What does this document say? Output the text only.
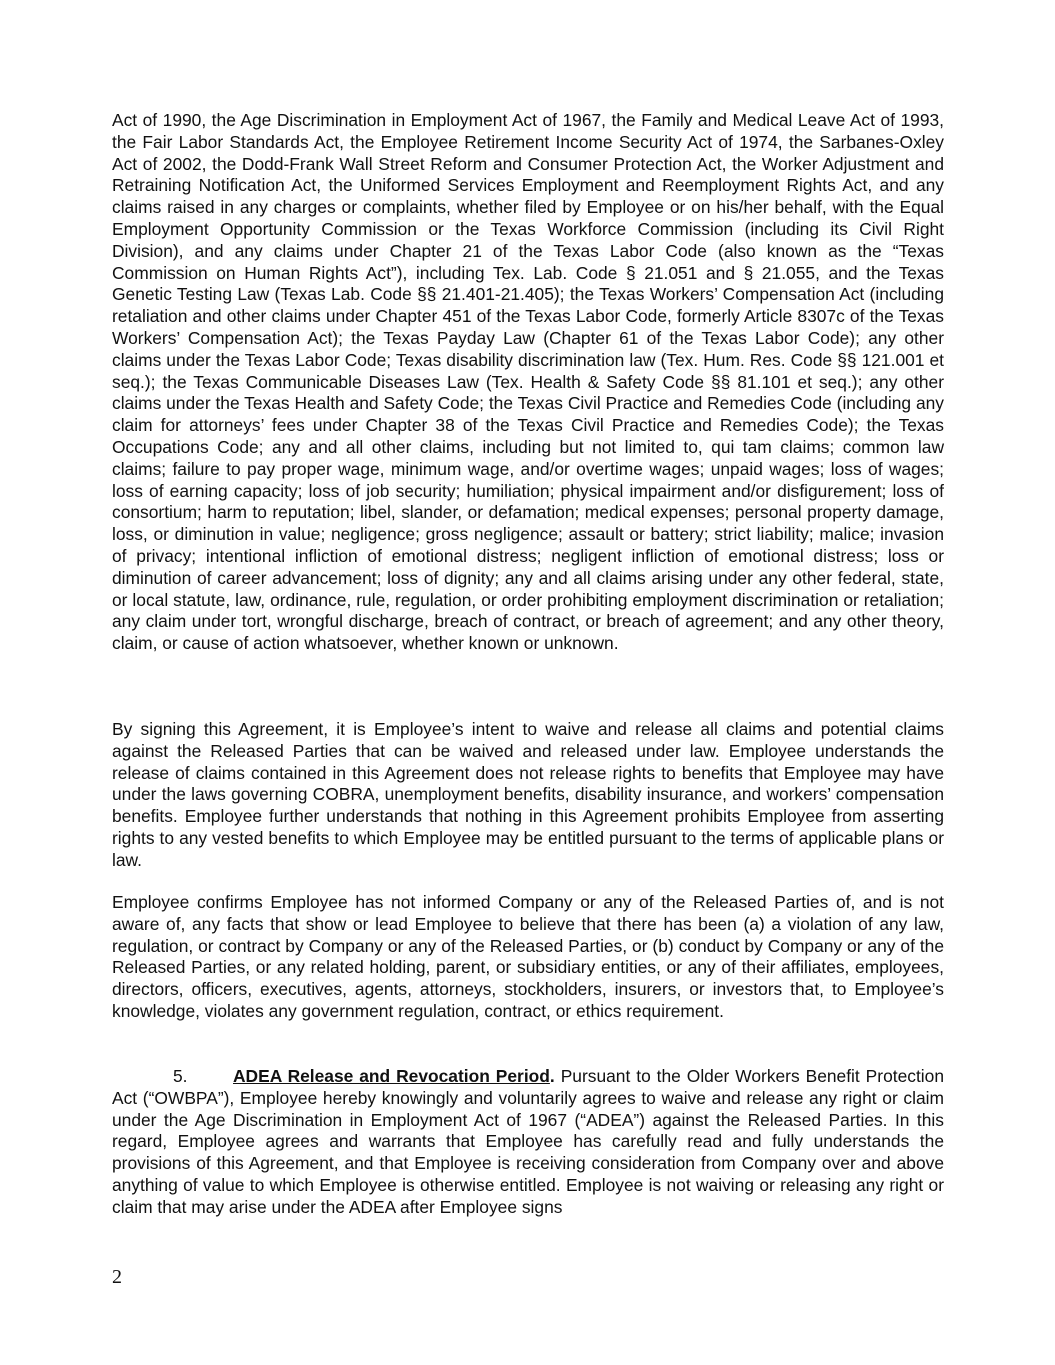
Act of 1990, the Age Discrimination in Employment Act of 1967, the Family and Medical Leave Act of 1993, the Fair Labor Standards Act, the Employee Retirement Income Security Act of 1974, the Sarbanes-Oxley Act of 2002, the Dodd-Frank Wall Street Reform and Consumer Protection Act, the Worker Adjustment and Retraining Notification Act, the Uniformed Services Employment and Reemployment Rights Act, and any claims raised in any charges or complaints, whether filed by Employee or on his/her behalf, with the Equal Employment Opportunity Commission or the Texas Workforce Commission (including its Civil Right Division), and any claims under Chapter 21 of the Texas Labor Code (also known as the “Texas Commission on Human Rights Act”), including Tex. Lab. Code § 21.051 and § 21.055, and the Texas Genetic Testing Law (Texas Lab. Code §§ 21.401-21.405); the Texas Workers’ Compensation Act (including retaliation and other claims under Chapter 451 of the Texas Labor Code, formerly Article 8307c of the Texas Workers’ Compensation Act); the Texas Payday Law (Chapter 61 of the Texas Labor Code); any other claims under the Texas Labor Code; Texas disability discrimination law (Tex. Hum. Res. Code §§ 121.001 et seq.); the Texas Communicable Diseases Law (Tex. Health & Safety Code §§ 81.101 et seq.); any other claims under the Texas Health and Safety Code; the Texas Civil Practice and Remedies Code (including any claim for attorneys’ fees under Chapter 38 of the Texas Civil Practice and Remedies Code); the Texas Occupations Code; any and all other claims, including but not limited to, qui tam claims; common law claims; failure to pay proper wage, minimum wage, and/or overtime wages; unpaid wages; loss of wages; loss of earning capacity; loss of job security; humiliation; physical impairment and/or disfigurement; loss of consortium; harm to reputation; libel, slander, or defamation; medical expenses; personal property damage, loss, or diminution in value; negligence; gross negligence; assault or battery; strict liability; malice; invasion of privacy; intentional infliction of emotional distress; negligent infliction of emotional distress; loss or diminution of career advancement; loss of dignity; any and all claims arising under any other federal, state, or local statute, law, ordinance, rule, regulation, or order prohibiting employment discrimination or retaliation; any claim under tort, wrongful discharge, breach of contract, or breach of agreement; and any other theory, claim, or cause of action whatsoever, whether known or unknown.

By signing this Agreement, it is Employee’s intent to waive and release all claims and potential claims against the Released Parties that can be waived and released under law. Employee understands the release of claims contained in this Agreement does not release rights to benefits that Employee may have under the laws governing COBRA, unemployment benefits, disability insurance, and workers’ compensation benefits. Employee further understands that nothing in this Agreement prohibits Employee from asserting rights to any vested benefits to which Employee may be entitled pursuant to the terms of applicable plans or law.

Employee confirms Employee has not informed Company or any of the Released Parties of, and is not aware of, any facts that show or lead Employee to believe that there has been (a) a violation of any law, regulation, or contract by Company or any of the Released Parties, or (b) conduct by Company or any of the Released Parties, or any related holding, parent, or subsidiary entities, or any of their affiliates, employees, directors, officers, executives, agents, attorneys, stockholders, insurers, or investors that, to Employee’s knowledge, violates any government regulation, contract, or ethics requirement.

5.	ADEA Release and Revocation Period. Pursuant to the Older Workers Benefit Protection Act (“OWBPA”), Employee hereby knowingly and voluntarily agrees to waive and release any right or claim under the Age Discrimination in Employment Act of 1967 (“ADEA”) against the Released Parties. In this regard, Employee agrees and warrants that Employee has carefully read and fully understands the provisions of this Agreement, and that Employee is receiving consideration from Company over and above anything of value to which Employee is otherwise entitled. Employee is not waiving or releasing any right or claim that may arise under the ADEA after Employee signs

2
